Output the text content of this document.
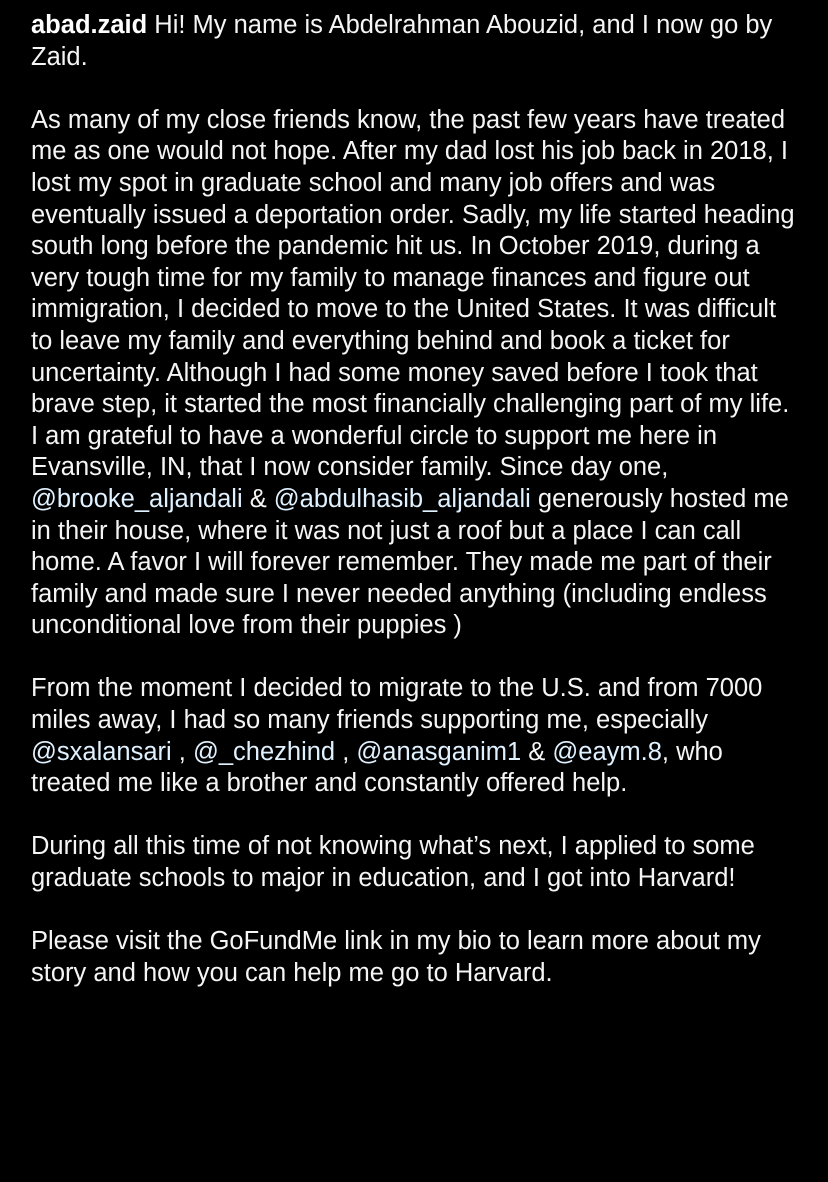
abad.zaid Hi! My name is Abdelrahman Abouzid, and I now go by Zaid.

As many of my close friends know, the past few years have treated me as one would not hope. After my dad lost his job back in 2018, I lost my spot in graduate school and many job offers and was eventually issued a deportation order. Sadly, my life started heading south long before the pandemic hit us. In October 2019, during a very tough time for my family to manage finances and figure out immigration, I decided to move to the United States. It was difficult to leave my family and everything behind and book a ticket for uncertainty. Although I had some money saved before I took that brave step, it started the most financially challenging part of my life. I am grateful to have a wonderful circle to support me here in Evansville, IN, that I now consider family. Since day one, @brooke_aljandali & @abdulhasib_aljandali generously hosted me in their house, where it was not just a roof but a place I can call home. A favor I will forever remember. They made me part of their family and made sure I never needed anything (including endless unconditional love from their puppies )

From the moment I decided to migrate to the U.S. and from 7000 miles away, I had so many friends supporting me, especially @sxalansari , @_chezhind , @anasganim1 & @eaym.8, who treated me like a brother and constantly offered help.

During all this time of not knowing what’s next, I applied to some graduate schools to major in education, and I got into Harvard!

Please visit the GoFundMe link in my bio to learn more about my story and how you can help me go to Harvard.
